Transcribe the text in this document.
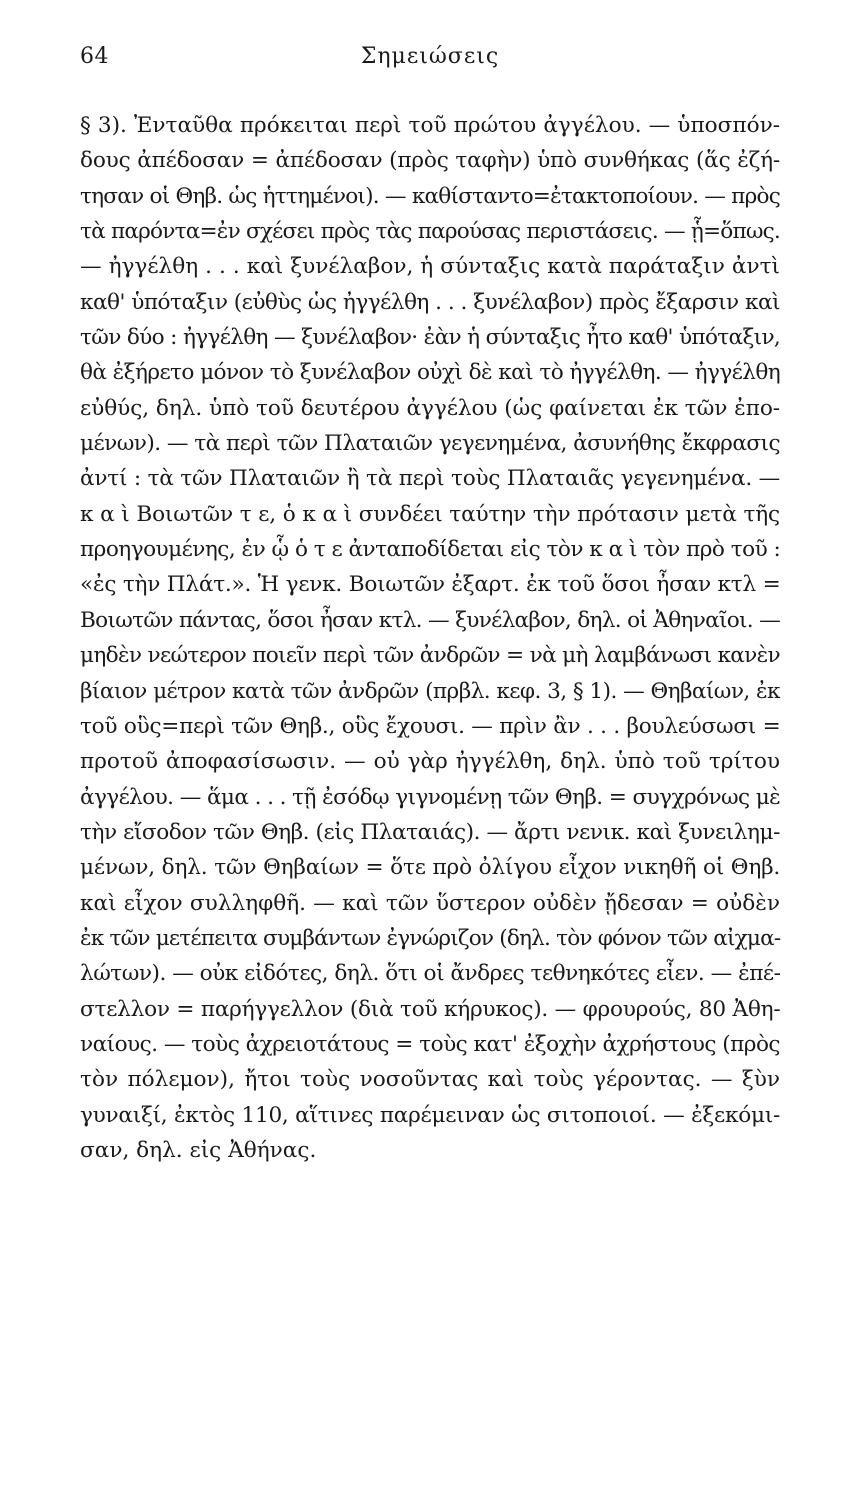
64	Σημειώσεις
§ 3). Ἐνταῦθα πρόκειται περὶ τοῦ πρώτου ἀγγέλου. — ὑποσπόν-
δους ἀπέδοσαν = ἀπέδοσαν (πρὸς ταφὴν) ὑπὸ συνθήκας (ἅς ἐζή-
τησαν οἱ Θηβ. ὡς ἡττημένοι). — καθίσταντο=ἐτακτοποίουν. — πρὸς
τὰ παρόντα=ἐν σχέσει πρὸς τὰς παρούσας περιστάσεις. — ᾗ=ὅπως.
— ἠγγέλθη . . . καὶ ξυνέλαβον, ἡ σύνταξις κατὰ παράταξιν ἀντὶ
καθ' ὑπόταξιν (εὐθὺς ὡς ἠγγέλθη . . . ξυνέλαβον) πρὸς ἔξαρσιν καὶ
τῶν δύο : ἠγγέλθη — ξυνέλαβον· ἐὰν ἡ σύνταξις ἦτο καθ' ὑπόταξιν,
θὰ ἐξήρετο μόνον τὸ ξυνέλαβον οὐχὶ δὲ καὶ τὸ ἠγγέλθη. — ἠγγέλθη
εὐθύς, δηλ. ὑπὸ τοῦ δευτέρου ἀγγέλου (ὡς φαίνεται ἐκ τῶν ἐπο-
μένων). — τὰ περὶ τῶν Πλαταιῶν γεγενημένα, ἀσυνήθης ἔκφρασις
ἀντί : τὰ τῶν Πλαταιῶν ἢ τὰ περὶ τοὺς Πλαταιᾶς γεγενημένα. —
κ α ὶ Βοιωτῶν τ ε, ὁ κ α ὶ συνδέει ταύτην τὴν πρότασιν μετὰ τῆς
προηγουμένης, ἐν ᾧ ὁ τ ε ἀνταποδίδεται εἰς τὸν κ α ὶ τὸν πρὸ τοῦ :
«ἐς τὴν Πλάτ.». Ἡ γενκ. Βοιωτῶν ἐξαρτ. ἐκ τοῦ ὅσοι ἦσαν κτλ =
Βοιωτῶν πάντας, ὅσοι ἦσαν κτλ. — ξυνέλαβον, δηλ. οἱ Ἀθηναῖοι. —
μηδὲν νεώτερον ποιεῖν περὶ τῶν ἀνδρῶν = νὰ μὴ λαμβάνωσι κανὲν
βίαιον μέτρον κατὰ τῶν ἀνδρῶν (πρβλ. κεφ. 3, § 1). — Θηβαίων, ἐκ
τοῦ οὓς=περὶ τῶν Θηβ., οὓς ἔχουσι. — πρὶν ἂν . . . βουλεύσωσι =
προτοῦ ἀποφασίσωσιν. — οὐ γὰρ ἠγγέλθη, δηλ. ὑπὸ τοῦ τρίτου
ἀγγέλου. — ἅμα . . . τῇ ἐσόδῳ γιγνομένῃ τῶν Θηβ. = συγχρόνως μὲ
τὴν εἴσοδον τῶν Θηβ. (εἰς Πλαταιάς). — ἄρτι νενικ. καὶ ξυνειλημ-
μένων, δηλ. τῶν Θηβαίων = ὅτε πρὸ ὀλίγου εἶχον νικηθῆ οἱ Θηβ.
καὶ εἶχον συλληφθῆ. — καὶ τῶν ὕστερον οὐδὲν ᾔδεσαν = οὐδὲν
ἐκ τῶν μετέπειτα συμβάντων ἐγνώριζον (δηλ. τὸν φόνον τῶν αἰχμα-
λώτων). — οὐκ εἰδότες, δηλ. ὅτι οἱ ἄνδρες τεθνηκότες εἶεν. — ἐπέ-
στελλον = παρήγγελλον (διὰ τοῦ κήρυκος). — φρουρούς, 80 Ἀθη-
ναίους. — τοὺς ἀχρειοτάτους = τοὺς κατ' ἐξοχὴν ἀχρήστους (πρὸς
τὸν πόλεμον), ἤτοι τοὺς νοσοῦντας καὶ τοὺς γέροντας. — ξὺν
γυναιξί, ἐκτὸς 110, αἵτινες παρέμειναν ὡς σιτοποιοί. — ἐξεκόμι-
σαν, δηλ. εἰς Ἀθήνας.
